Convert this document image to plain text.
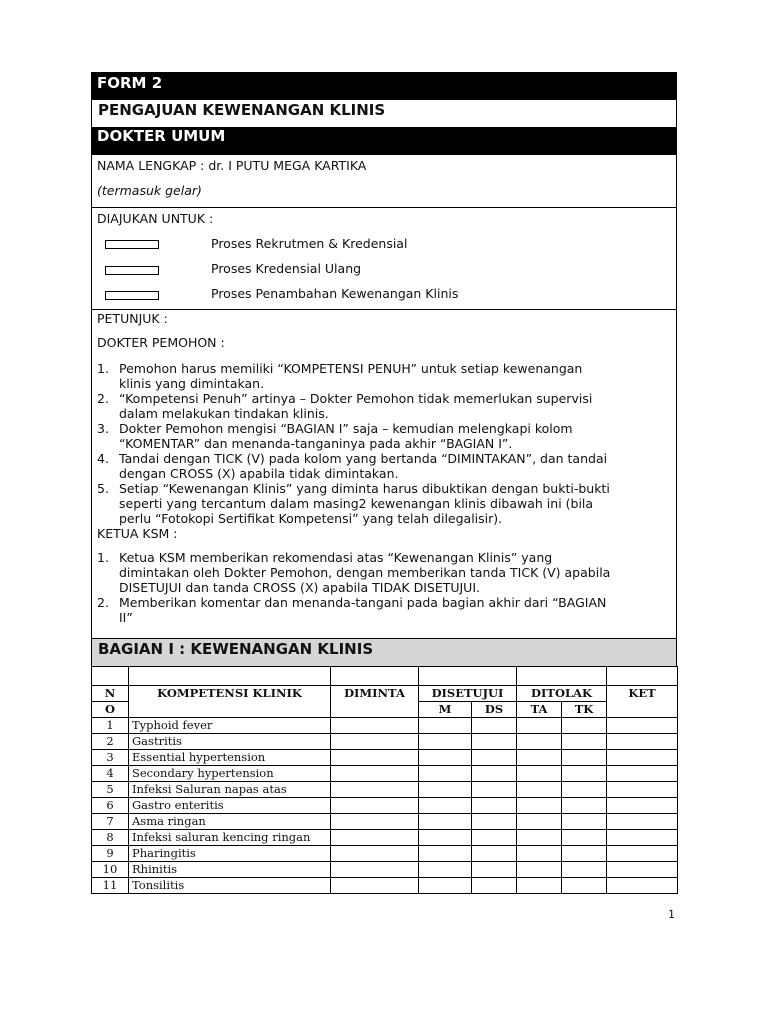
FORM 2
PENGAJUAN KEWENANGAN KLINIS
DOKTER UMUM
NAMA LENGKAP : dr. I PUTU MEGA KARTIKA
(termasuk gelar)
DIAJUKAN UNTUK :
Proses Rekrutmen & Kredensial
Proses Kredensial Ulang
Proses Penambahan Kewenangan Klinis
PETUNJUK :
DOKTER PEMOHON :
1. Pemohon harus memiliki “KOMPETENSI PENUH” untuk setiap kewenangan
klinis yang dimintakan.
2. “Kompetensi Penuh” artinya – Dokter Pemohon tidak memerlukan supervisi
dalam melakukan tindakan klinis.
3. Dokter Pemohon mengisi “BAGIAN I” saja – kemudian melengkapi kolom
“KOMENTAR” dan menanda-tanganinya pada akhir “BAGIAN I”.
4. Tandai dengan TICK (V) pada kolom yang bertanda “DIMINTAKAN”, dan tandai
dengan CROSS (X) apabila tidak dimintakan.
5. Setiap “Kewenangan Klinis” yang diminta harus dibuktikan dengan bukti-bukti
seperti yang tercantum dalam masing2 kewenangan klinis dibawah ini (bila
perlu “Fotokopi Sertifikat Kompetensi” yang telah dilegalisir).
KETUA KSM :
1. Ketua KSM memberikan rekomendasi atas “Kewenangan Klinis” yang
dimintakan oleh Dokter Pemohon, dengan memberikan tanda TICK (V) apabila
DISETUJUI dan tanda CROSS (X) apabila TIDAK DISETUJUI.
2. Memberikan komentar dan menanda-tangani pada bagian akhir dari “BAGIAN
II”
BAGIAN I : KEWENANGAN KLINIS

N	KOMPETENSI KLINIK	DIMINTA	DISETUJUI		DITOLAK		KET
O			M	DS	TA	TK	
1	Typhoid fever						
2	Gastritis						
3	Essential hypertension						
4	Secondary hypertension						
5	Infeksi Saluran napas atas						
6	Gastro enteritis						
7	Asma ringan						
8	Infeksi saluran kencing ringan						
9	Pharingitis						
10	Rhinitis						
11	Tonsilitis						
1
